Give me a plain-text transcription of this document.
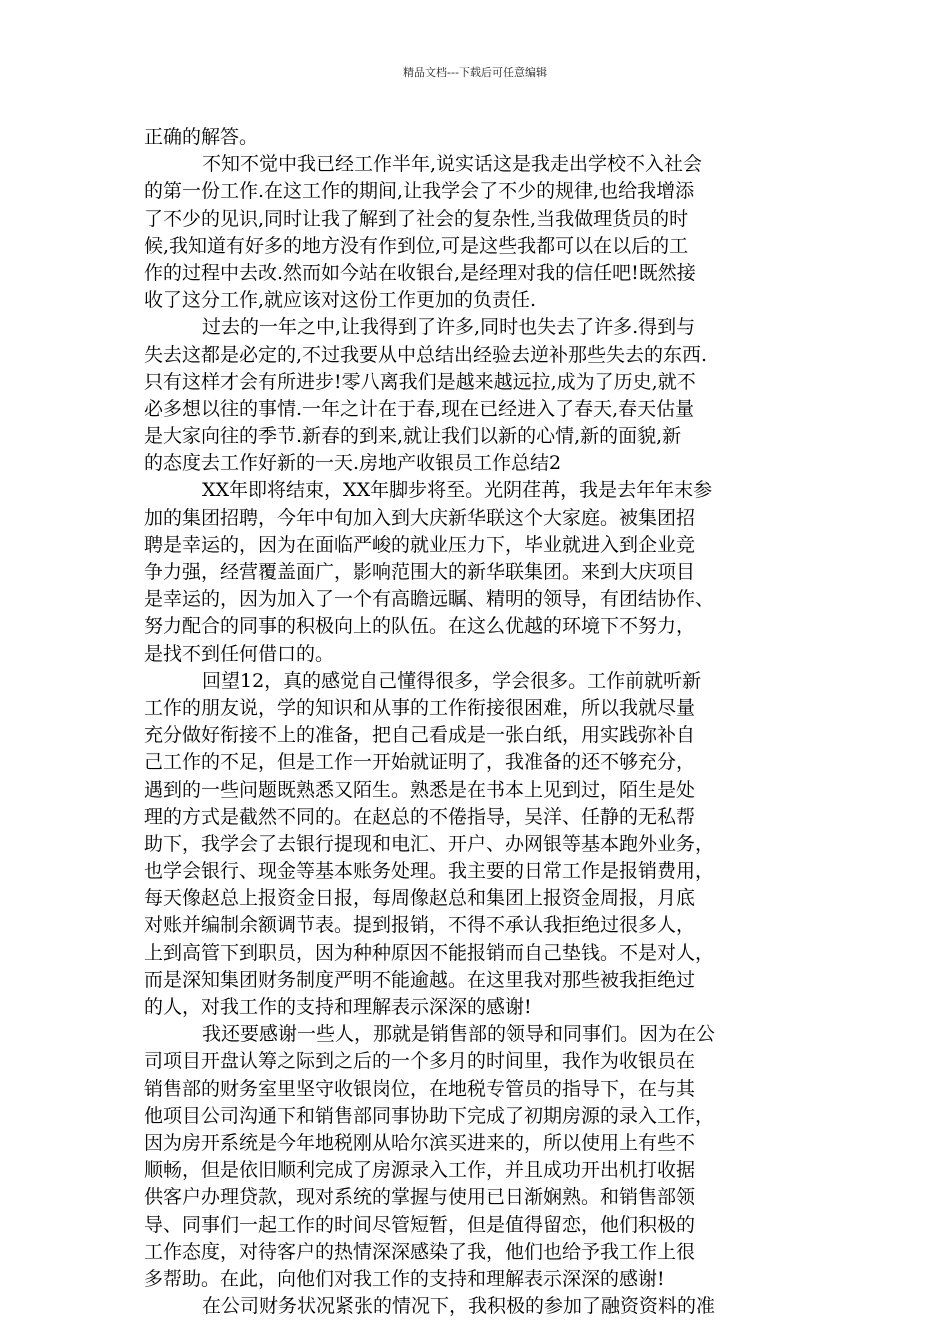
精品文档---下载后可任意编辑
正确的解答。
不知不觉中我已经工作半年,说实话这是我走出学校不入社会
的第一份工作.在这工作的期间,让我学会了不少的规律,也给我增添
了不少的见识,同时让我了解到了社会的复杂性,当我做理货员的时
候,我知道有好多的地方没有作到位,可是这些我都可以在以后的工
作的过程中去改.然而如今站在收银台,是经理对我的信任吧!既然接
收了这分工作,就应该对这份工作更加的负责任.
过去的一年之中,让我得到了许多,同时也失去了许多.得到与
失去这都是必定的,不过我要从中总结出经验去逆补那些失去的东西.
只有这样才会有所进步!零八离我们是越来越远拉,成为了历史,就不
必多想以往的事情.一年之计在于春,现在已经进入了春天,春天估量
是大家向往的季节.新春的到来,就让我们以新的心情,新的面貌,新
的态度去工作好新的一天.房地产收银员工作总结2
XX年即将结束，XX年脚步将至。光阴荏苒，我是去年年末参
加的集团招聘，今年中旬加入到大庆新华联这个大家庭。被集团招
聘是幸运的，因为在面临严峻的就业压力下，毕业就进入到企业竞
争力强，经营覆盖面广，影响范围大的新华联集团。来到大庆项目
是幸运的，因为加入了一个有高瞻远瞩、精明的领导，有团结协作、
努力配合的同事的积极向上的队伍。在这么优越的环境下不努力，
是找不到任何借口的。
回望12，真的感觉自己懂得很多，学会很多。工作前就听新
工作的朋友说，学的知识和从事的工作衔接很困难，所以我就尽量
充分做好衔接不上的准备，把自己看成是一张白纸，用实践弥补自
己工作的不足，但是工作一开始就证明了，我准备的还不够充分，
遇到的一些问题既熟悉又陌生。熟悉是在书本上见到过，陌生是处
理的方式是截然不同的。在赵总的不倦指导，吴洋、任静的无私帮
助下，我学会了去银行提现和电汇、开户、办网银等基本跑外业务，
也学会银行、现金等基本账务处理。我主要的日常工作是报销费用，
每天像赵总上报资金日报，每周像赵总和集团上报资金周报，月底
对账并编制余额调节表。提到报销，不得不承认我拒绝过很多人，
上到高管下到职员，因为种种原因不能报销而自己垫钱。不是对人，
而是深知集团财务制度严明不能逾越。在这里我对那些被我拒绝过
的人，对我工作的支持和理解表示深深的感谢!
我还要感谢一些人，那就是销售部的领导和同事们。因为在公
司项目开盘认筹之际到之后的一个多月的时间里，我作为收银员在
销售部的财务室里坚守收银岗位，在地税专管员的指导下，在与其
他项目公司沟通下和销售部同事协助下完成了初期房源的录入工作，
因为房开系统是今年地税刚从哈尔滨买进来的，所以使用上有些不
顺畅，但是依旧顺利完成了房源录入工作，并且成功开出机打收据
供客户办理贷款，现对系统的掌握与使用已日渐娴熟。和销售部领
导、同事们一起工作的时间尽管短暂，但是值得留恋，他们积极的
工作态度，对待客户的热情深深感染了我，他们也给予我工作上很
多帮助。在此，向他们对我工作的支持和理解表示深深的感谢!
在公司财务状况紧张的情况下，我积极的参加了融资资料的准
